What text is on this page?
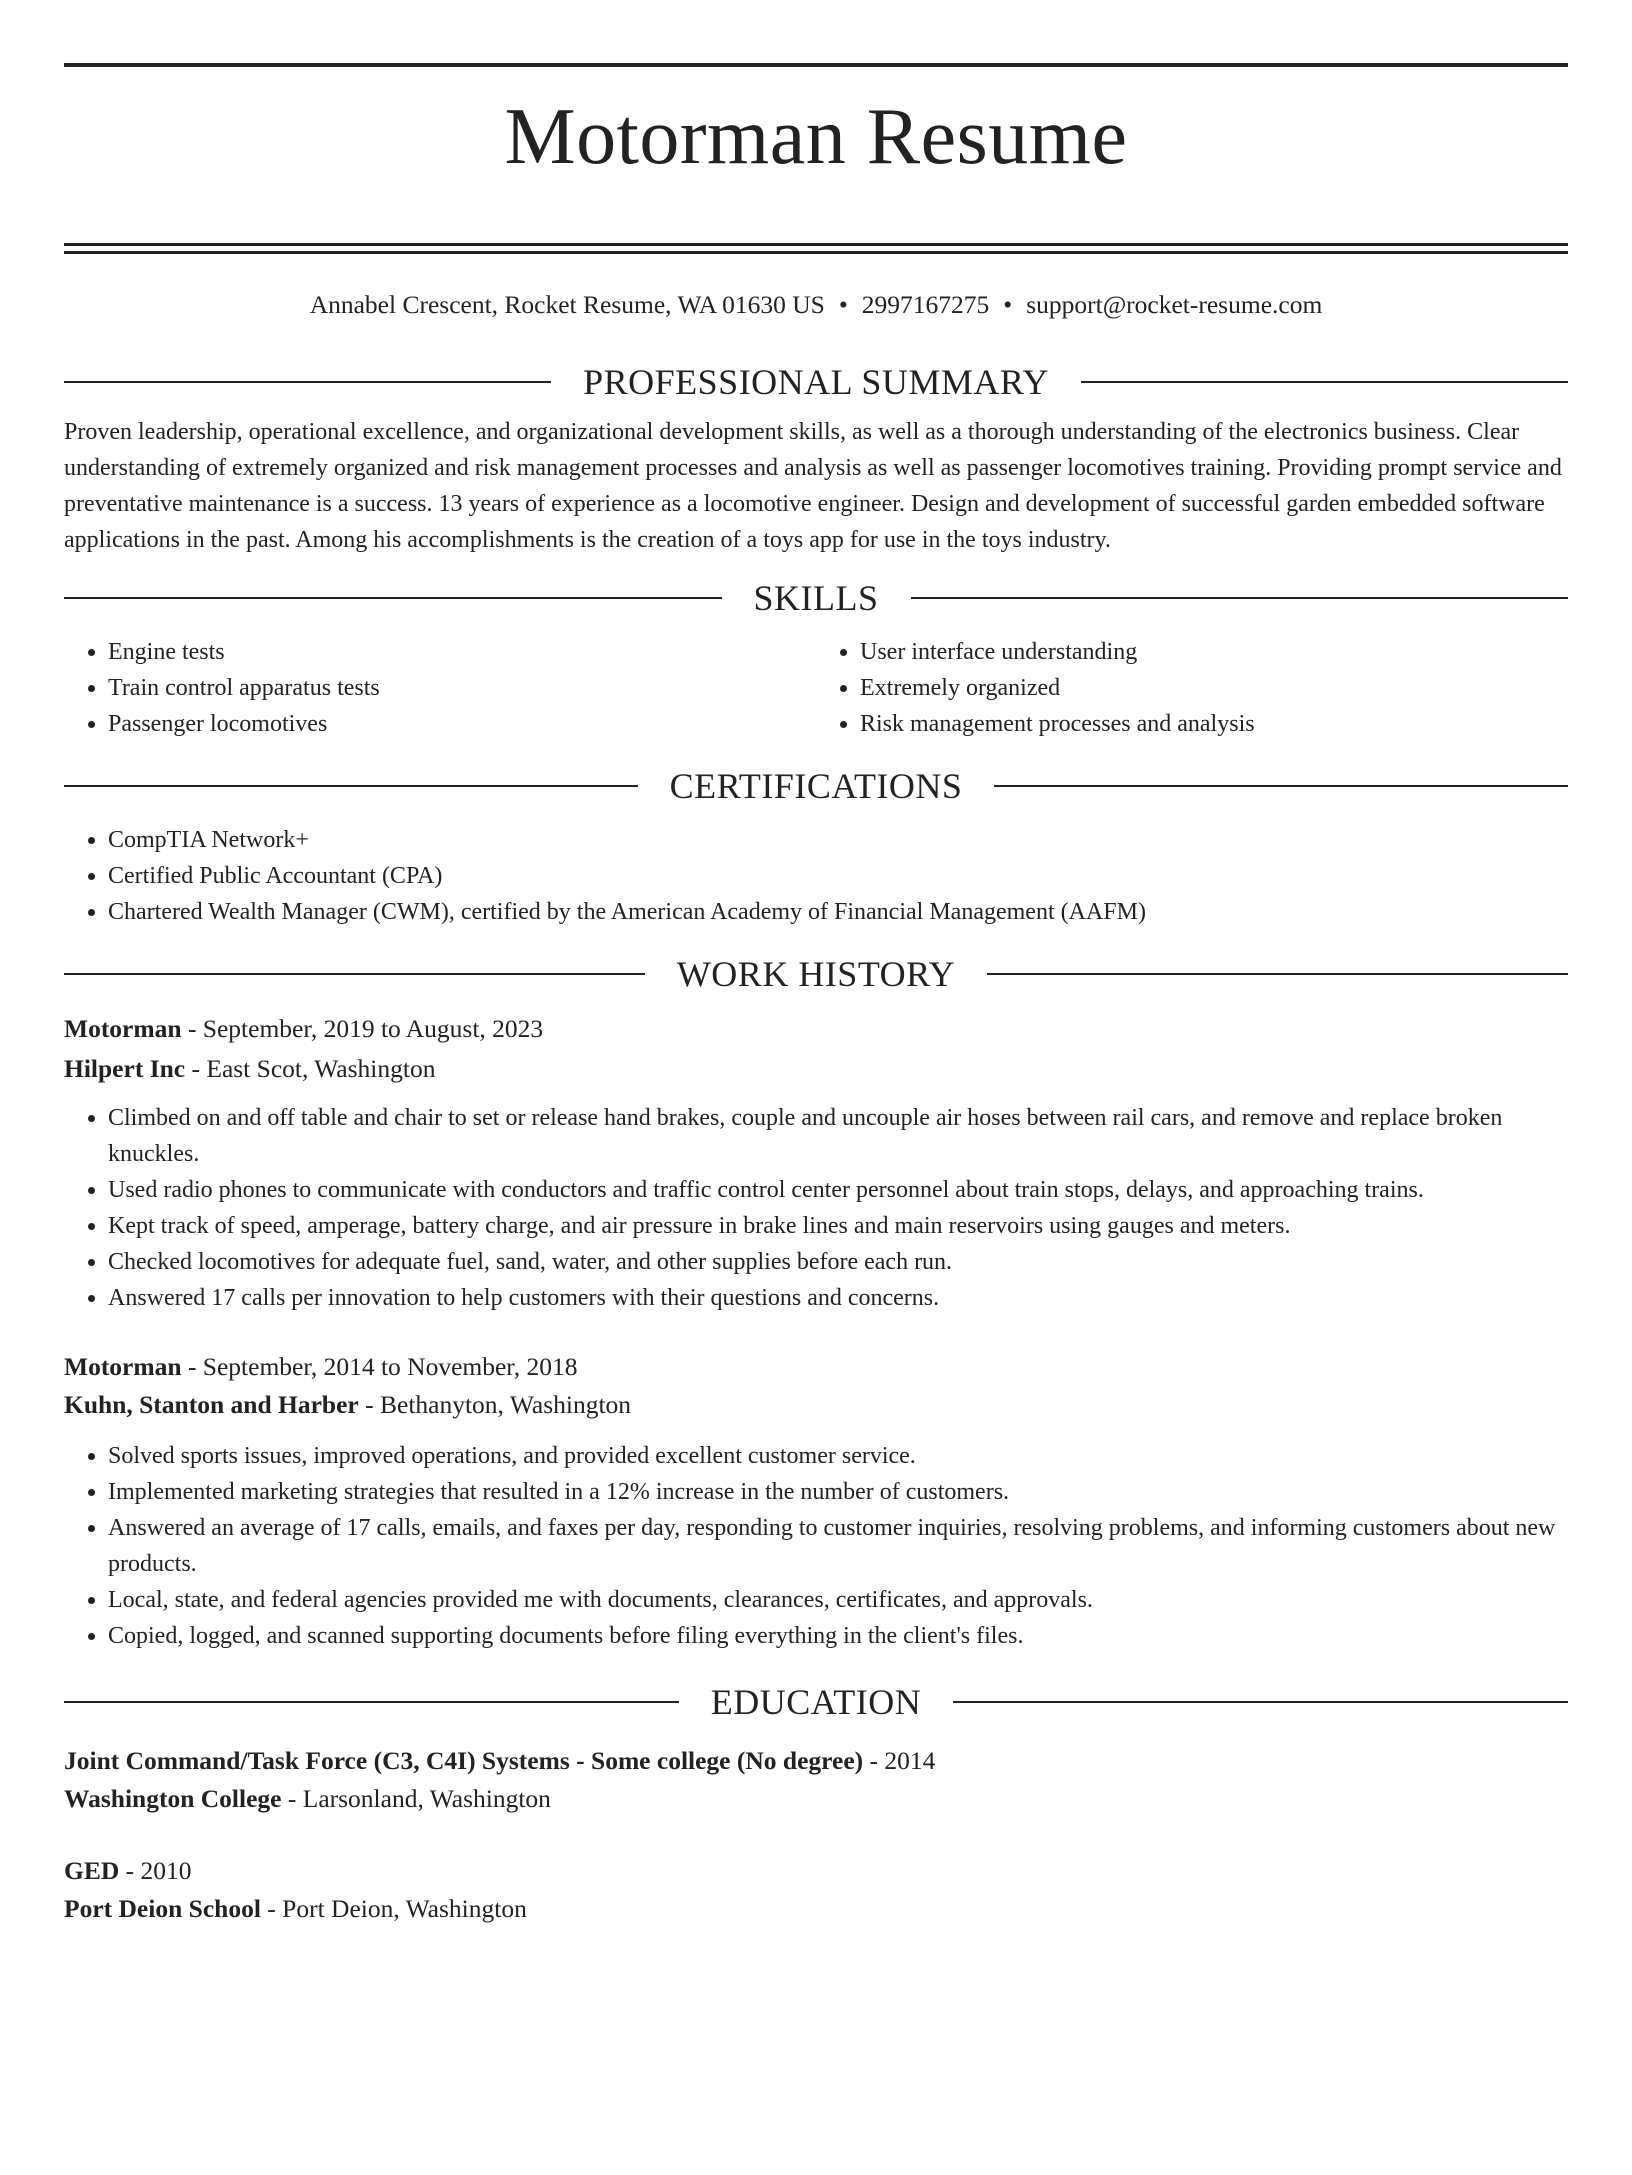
Motorman Resume
Annabel Crescent, Rocket Resume, WA 01630 US • 2997167275 • support@rocket-resume.com
PROFESSIONAL SUMMARY
Proven leadership, operational excellence, and organizational development skills, as well as a thorough understanding of the electronics business. Clear understanding of extremely organized and risk management processes and analysis as well as passenger locomotives training. Providing prompt service and preventative maintenance is a success. 13 years of experience as a locomotive engineer. Design and development of successful garden embedded software applications in the past. Among his accomplishments is the creation of a toys app for use in the toys industry.
SKILLS
• Engine tests
• Train control apparatus tests
• Passenger locomotives
• User interface understanding
• Extremely organized
• Risk management processes and analysis
CERTIFICATIONS
• CompTIA Network+
• Certified Public Accountant (CPA)
• Chartered Wealth Manager (CWM), certified by the American Academy of Financial Management (AAFM)
WORK HISTORY
Motorman - September, 2019 to August, 2023
Hilpert Inc - East Scot, Washington
• Climbed on and off table and chair to set or release hand brakes, couple and uncouple air hoses between rail cars, and remove and replace broken knuckles.
• Used radio phones to communicate with conductors and traffic control center personnel about train stops, delays, and approaching trains.
• Kept track of speed, amperage, battery charge, and air pressure in brake lines and main reservoirs using gauges and meters.
• Checked locomotives for adequate fuel, sand, water, and other supplies before each run.
• Answered 17 calls per innovation to help customers with their questions and concerns.
Motorman - September, 2014 to November, 2018
Kuhn, Stanton and Harber - Bethanyton, Washington
• Solved sports issues, improved operations, and provided excellent customer service.
• Implemented marketing strategies that resulted in a 12% increase in the number of customers.
• Answered an average of 17 calls, emails, and faxes per day, responding to customer inquiries, resolving problems, and informing customers about new products.
• Local, state, and federal agencies provided me with documents, clearances, certificates, and approvals.
• Copied, logged, and scanned supporting documents before filing everything in the client's files.
EDUCATION
Joint Command/Task Force (C3, C4I) Systems - Some college (No degree) - 2014
Washington College - Larsonland, Washington
GED - 2010
Port Deion School - Port Deion, Washington
